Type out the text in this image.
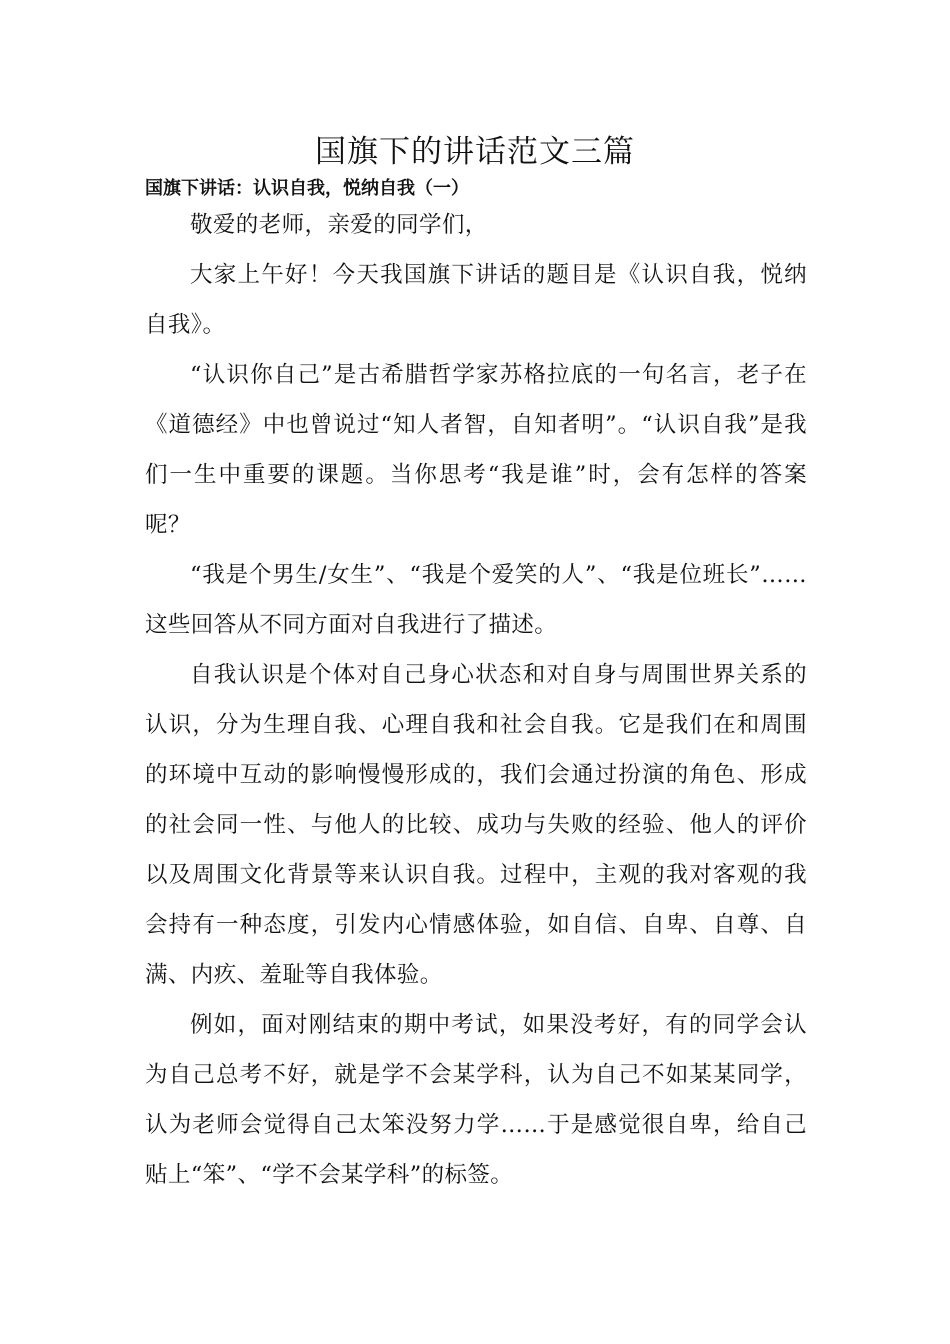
国旗下的讲话范文三篇
国旗下讲话：认识自我，悦纳自我（一）

敬爱的老师，亲爱的同学们，

大家上午好！今天我国旗下讲话的题目是《认识自我，悦纳自我》。

“认识你自己”是古希腊哲学家苏格拉底的一句名言，老子在《道德经》中也曾说过“知人者智，自知者明”。“认识自我”是我们一生中重要的课题。当你思考“我是谁”时，会有怎样的答案呢？

“我是个男生/女生”、“我是个爱笑的人”、“我是位班长”……这些回答从不同方面对自我进行了描述。

自我认识是个体对自己身心状态和对自身与周围世界关系的认识，分为生理自我、心理自我和社会自我。它是我们在和周围的环境中互动的影响慢慢形成的，我们会通过扮演的角色、形成的社会同一性、与他人的比较、成功与失败的经验、他人的评价以及周围文化背景等来认识自我。过程中，主观的我对客观的我会持有一种态度，引发内心情感体验，如自信、自卑、自尊、自满、内疚、羞耻等自我体验。

例如，面对刚结束的期中考试，如果没考好，有的同学会认为自己总考不好，就是学不会某学科，认为自己不如某某同学，认为老师会觉得自己太笨没努力学……于是感觉很自卑，给自己贴上“笨”、“学不会某学科”的标签。
